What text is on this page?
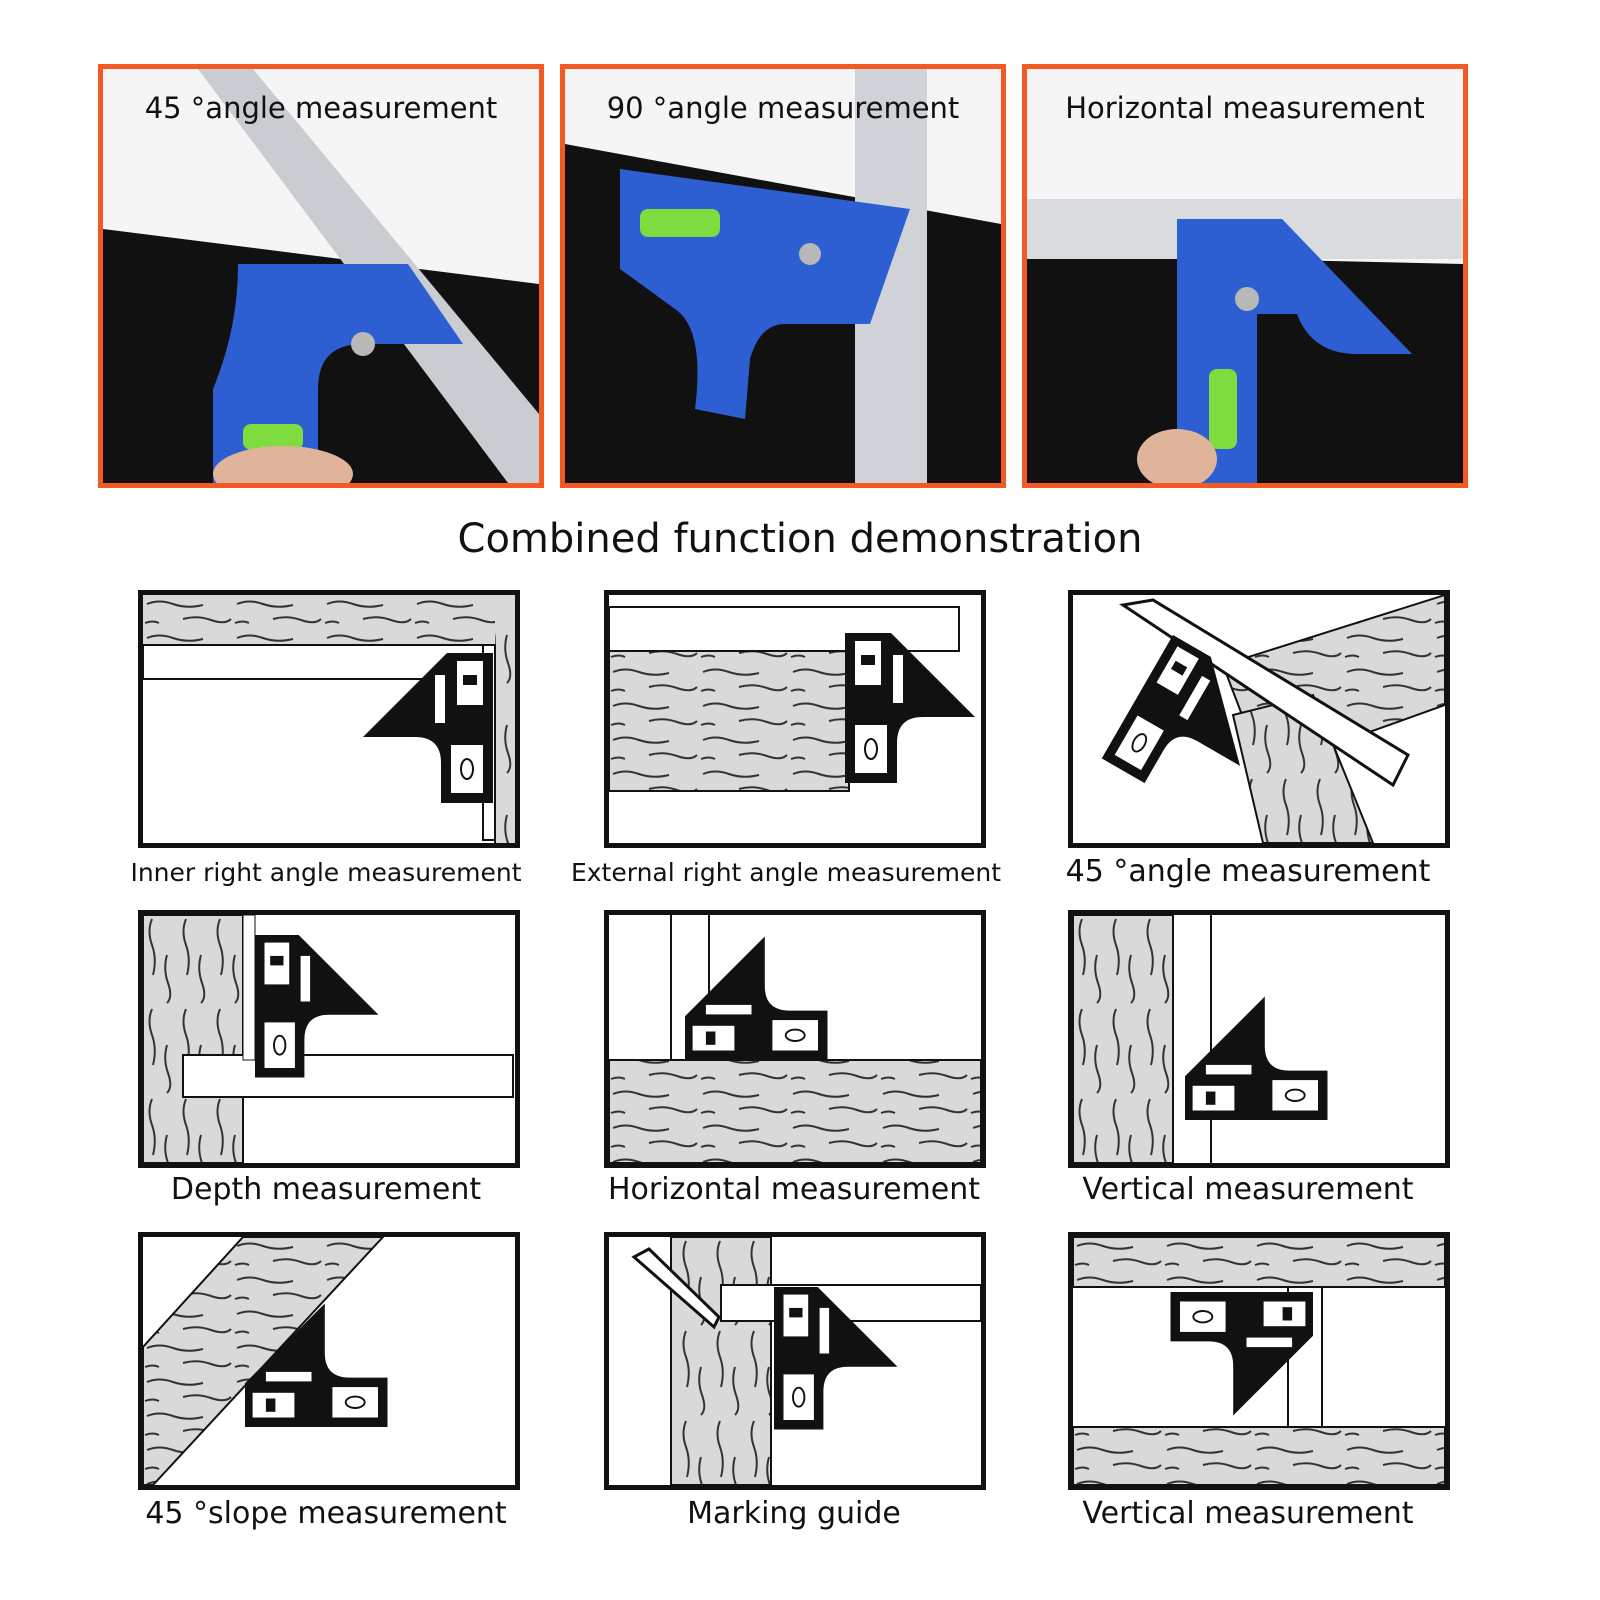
45 °angle measurement	90 °angle measurement	Horizontal measurement
Combined function demonstration
Inner right angle measurement	External right angle measurement	45 °angle measurement
Depth measurement	Horizontal measurement	Vertical measurement
45 °slope measurement	Marking guide	Vertical measurement
